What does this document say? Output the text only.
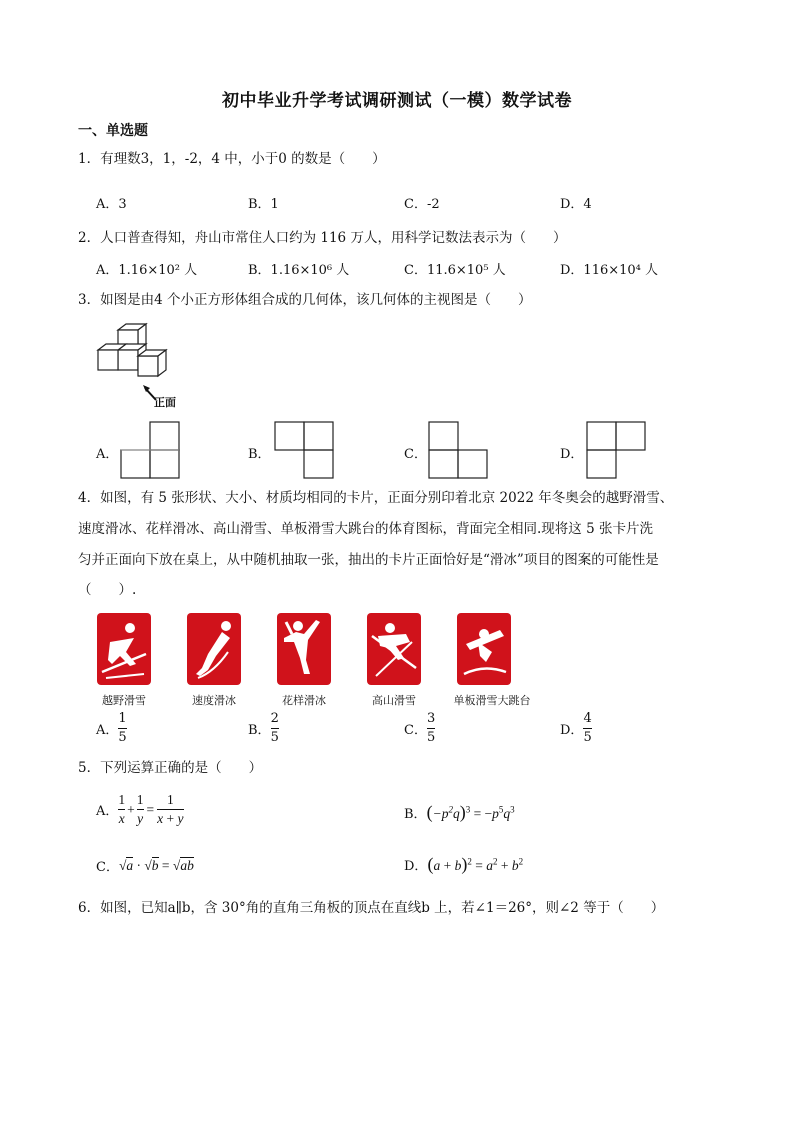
初中毕业升学考试调研测试（一模）数学试卷
一、单选题
1．有理数3，1，-2，4 中，小于0 的数是（　　）
A．3	B．1	C．-2	D．4
2．人口普查得知，舟山市常住人口约为 116 万人，用科学记数法表示为（　　）
A．1.16×10² 人	B．1.16×10⁶ 人	C．11.6×10⁵ 人	D．116×10⁴ 人
3．如图是由4 个小正方形体组合成的几何体，该几何体的主视图是（　　）
正面
A．	B．	C．	D．
4．如图，有 5 张形状、大小、材质均相同的卡片，正面分别印着北京 2022 年冬奥会的越野滑雪、
速度滑冰、花样滑冰、高山滑雪、单板滑雪大跳台的体育图标，背面完全相同.现将这 5 张卡片洗
匀并正面向下放在桌上，从中随机抽取一张，抽出的卡片正面恰好是“滑冰”项目的图案的可能性是
（　　）.
越野滑雪	速度滑冰	花样滑冰	高山滑雪	单板滑雪大跳台
A． $\frac{1}{5}$	B． $\frac{2}{5}$	C． $\frac{3}{5}$	D． $\frac{4}{5}$
5．下列运算正确的是（　　）
A． $\frac{1}{x} + \frac{1}{y} = \frac{1}{x + y}$	B． $(-p^2q)^3 = -p^5q^3$
C． √a · √b = √ab	D． $(a + b)^2 = a^2 + b^2$
6．如图，已知a∥b，含 30°角的直角三角板的顶点在直线b 上，若∠1＝26°，则∠2 等于（　　）
